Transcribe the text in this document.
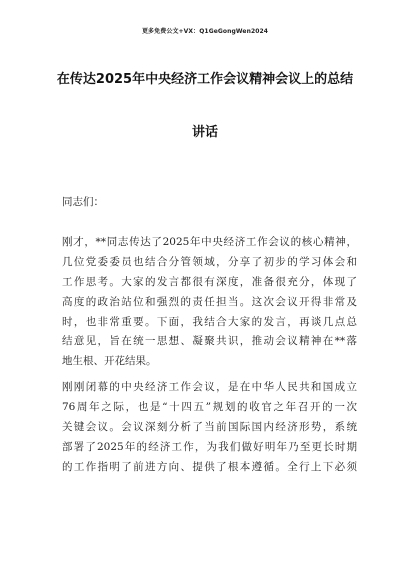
更多免费公文+VX：Q1GeGongWen2024
在传达2025年中央经济工作会议精神会议上的总结
讲话
同志们：
刚才，**同志传达了2025年中央经济工作会议的核心精神，
几位党委委员也结合分管领域，分享了初步的学习体会和
工作思考。大家的发言都很有深度，准备很充分，体现了
高度的政治站位和强烈的责任担当。这次会议开得非常及
时，也非常重要。下面，我结合大家的发言，再谈几点总
结意见，旨在统一思想、凝聚共识，推动会议精神在**落
地生根、开花结果。
刚刚闭幕的中央经济工作会议，是在中华人民共和国成立
76周年之际，也是“十四五”规划的收官之年召开的一次
关键会议。会议深刻分析了当前国际国内经济形势，系统
部署了2025年的经济工作，为我们做好明年乃至更长时期
的工作指明了前进方向、提供了根本遵循。全行上下必须
